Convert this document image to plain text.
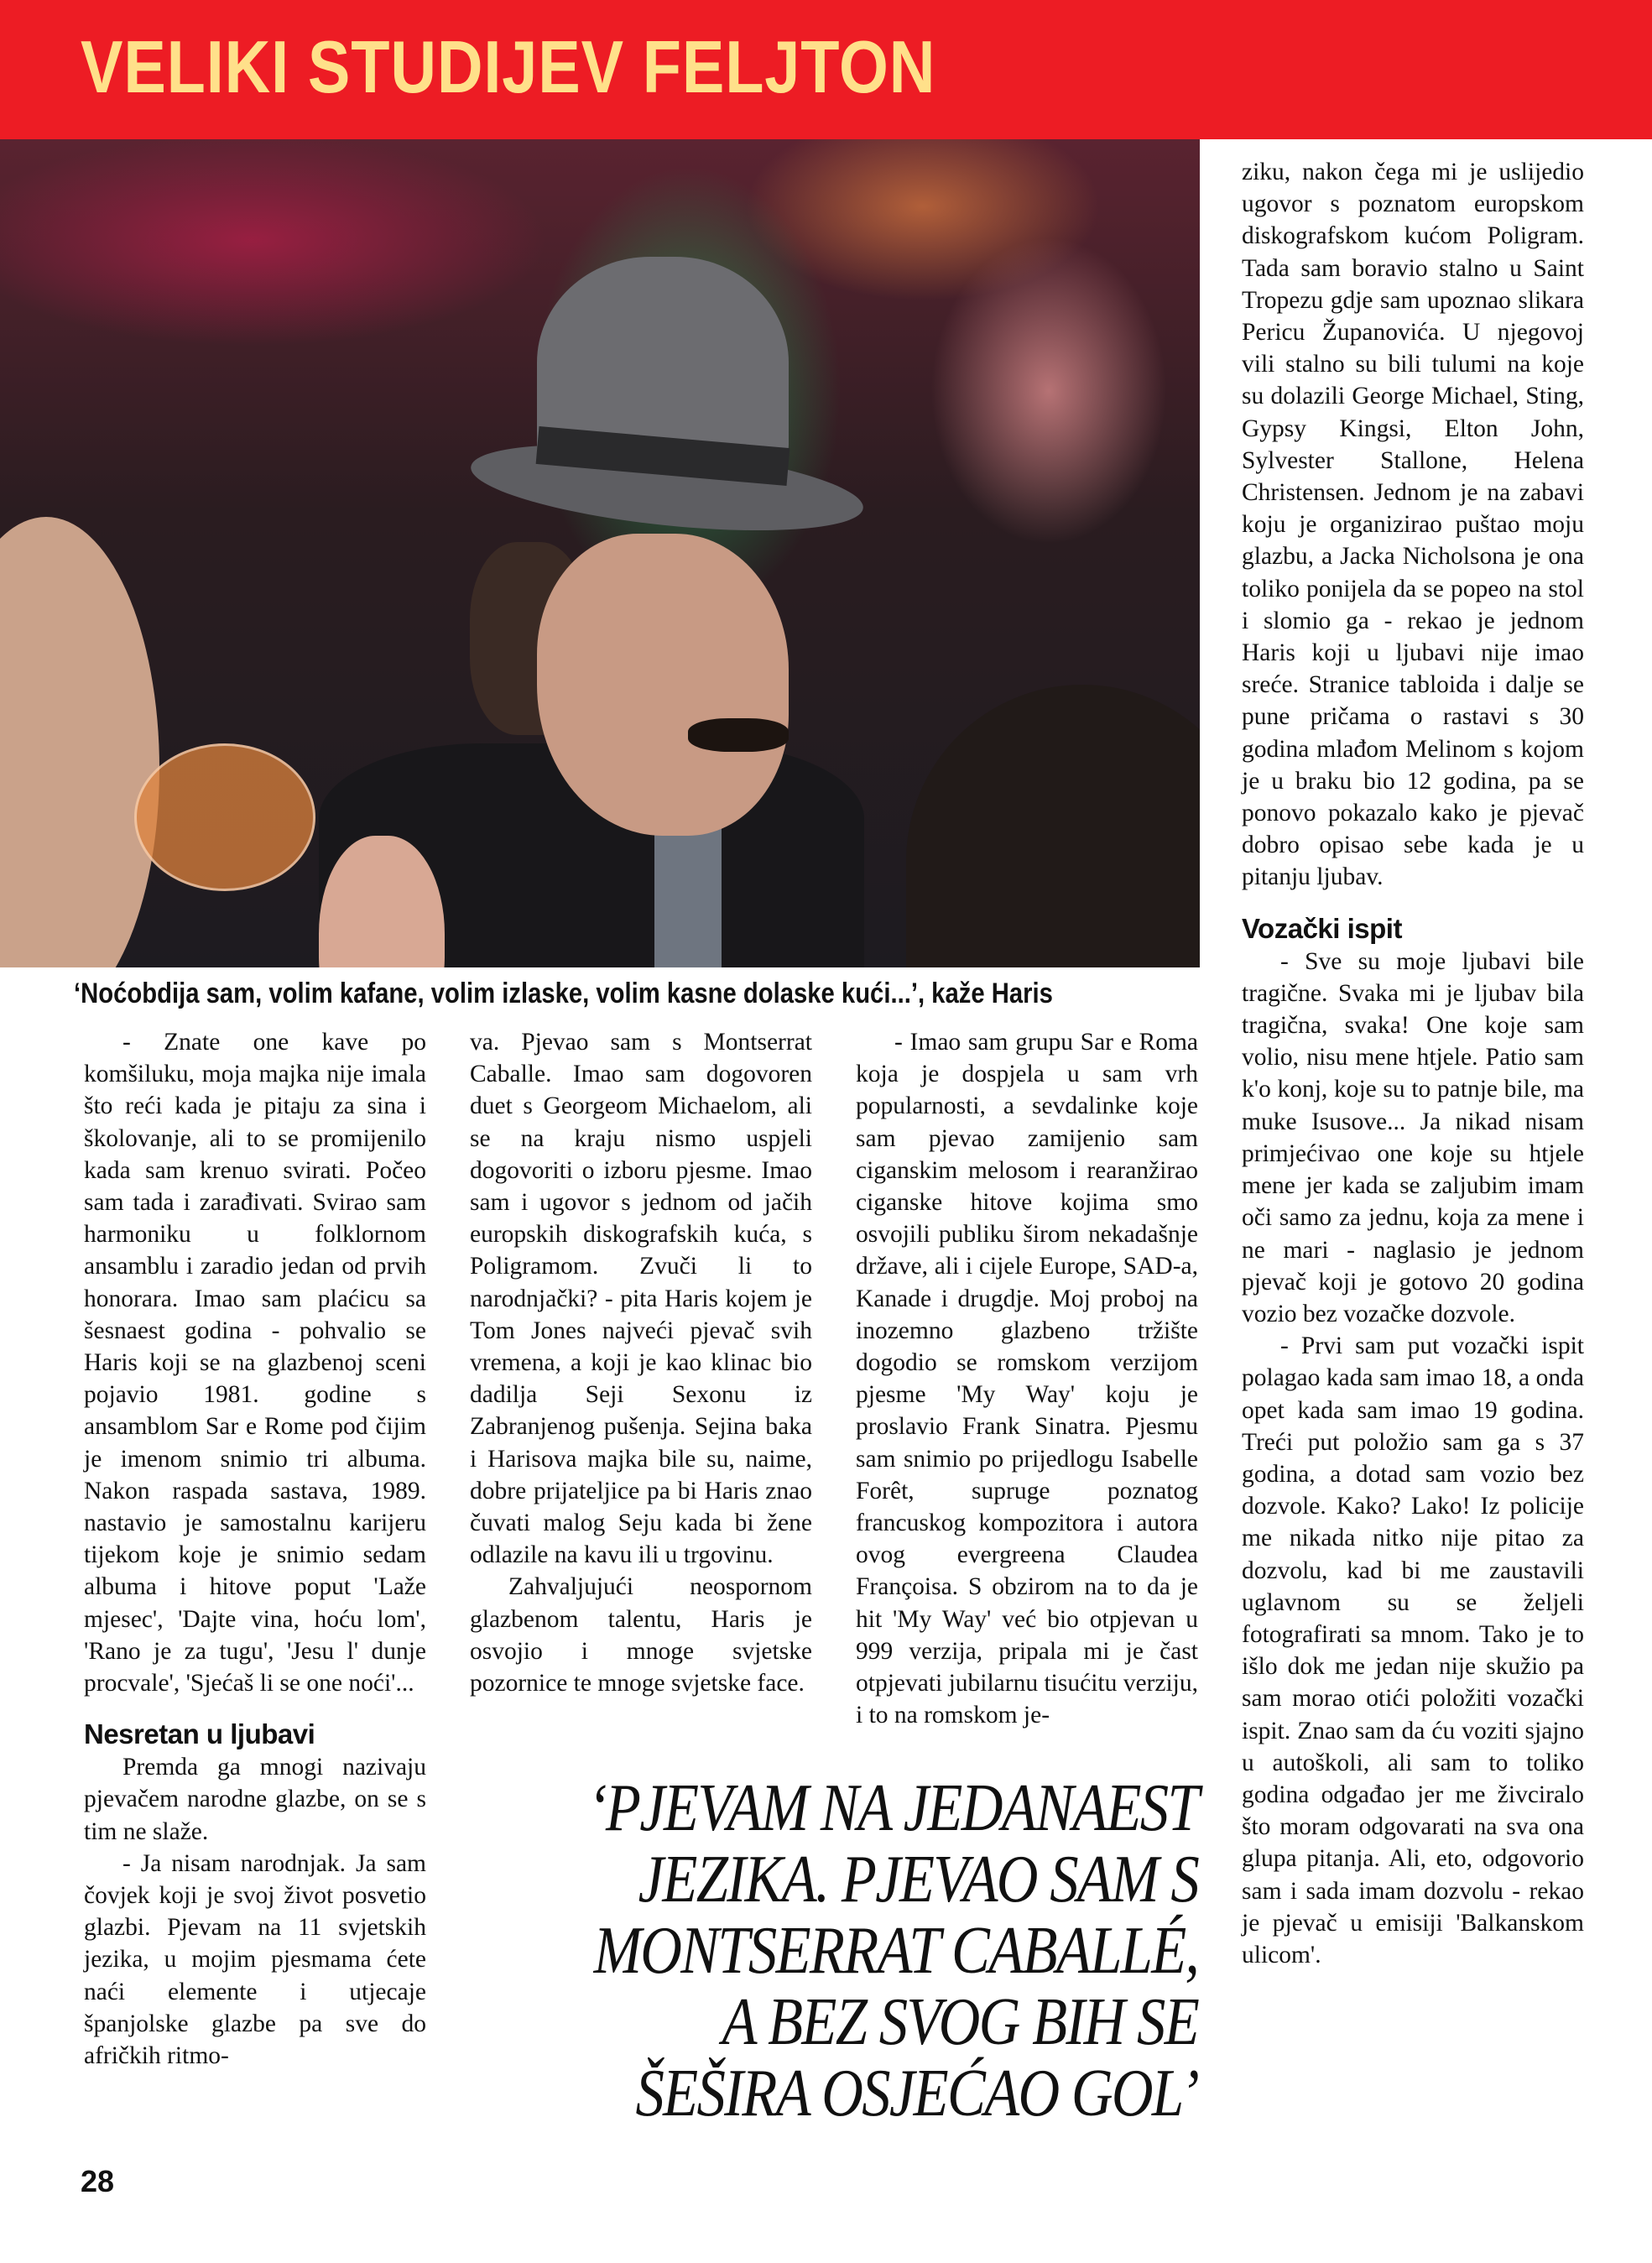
VELIKI STUDIJEV FELJTON
‘Noćobdija sam, volim kafane, volim izlaske, volim kasne dolaske kući...’, kaže Haris

- Znate one kave po komšiluku, moja majka nije imala što reći kada je pitaju za sina i školovanje, ali to se promijenilo kada sam krenuo svirati. Počeo sam tada i zarađivati. Svirao sam harmoniku u folklornom ansamblu i zaradio jedan od prvih honorara. Imao sam plaćicu sa šesnaest godina - pohvalio se Haris koji se na glazbenoj sceni pojavio 1981. godine s ansamblom Sar e Rome pod čijim je imenom snimio tri albuma. Nakon raspada sastava, 1989. nastavio je samostalnu karijeru tijekom koje je snimio sedam albuma i hitove poput 'Laže mjesec', 'Dajte vina, hoću lom', 'Rano je za tugu', 'Jesu l' dunje procvale', 'Sjećaš li se one noći'...

Nesretan u ljubavi

Premda ga mnogi nazivaju pjevačem narodne glazbe, on se s tim ne slaže.

- Ja nisam narodnjak. Ja sam čovjek koji je svoj život posvetio glazbi. Pjevam na 11 svjetskih jezika, u mojim pjesmama ćete naći elemente i utjecaje španjolske glazbe pa sve do afričkih ritmo-

va. Pjevao sam s Montserrat Caballe. Imao sam dogovoren duet s Georgeom Michaelom, ali se na kraju nismo uspjeli dogovoriti o izboru pjesme. Imao sam i ugovor s jednom od jačih europskih diskografskih kuća, s Poligramom. Zvuči li to narodnjački? - pita Haris kojem je Tom Jones najveći pjevač svih vremena, a koji je kao klinac bio dadilja Seji Sexonu iz Zabranjenog pušenja. Sejina baka i Harisova majka bile su, naime, dobre prijateljice pa bi Haris znao čuvati malog Seju kada bi žene odlazile na kavu ili u trgovinu.

Zahvaljujući neospornom glazbenom talentu, Haris je osvojio i mnoge svjetske pozornice te mnoge svjetske face.

- Imao sam grupu Sar e Roma koja je dospjela u sam vrh popularnosti, a sevdalinke koje sam pjevao zamijenio sam ciganskim melosom i rearanžirao ciganske hitove kojima smo osvojili publiku širom nekadašnje države, ali i cijele Europe, SAD-a, Kanade i drugdje. Moj proboj na inozemno glazbeno tržište dogodio se romskom verzijom pjesme 'My Way' koju je proslavio Frank Sinatra. Pjesmu sam snimio po prijedlogu Isabelle Forêt, supruge poznatog francuskog kompozitora i autora ovog evergreena Claudea Françoisa. S obzirom na to da je hit 'My Way' već bio otpjevan u 999 verzija, pripala mi je čast otpjevati jubilarnu tisućitu verziju, i to na romskom je-

‘PJEVAM NA JEDANAEST
JEZIKA. PJEVAO SAM S
MONTSERRAT CABALLÉ,
A BEZ SVOG BIH SE
ŠEŠIRA OSJEĆAO GOL’
28

ziku, nakon čega mi je uslijedio ugovor s poznatom europskom diskografskom kućom Poligram. Tada sam boravio stalno u Saint Tropezu gdje sam upoznao slikara Pericu Županovića. U njegovoj vili stalno su bili tulumi na koje su dolazili George Michael, Sting, Gypsy Kingsi, Elton John, Sylvester Stallone, Helena Christensen. Jednom je na zabavi koju je organizirao puštao moju glazbu, a Jacka Nicholsona je ona toliko ponijela da se popeo na stol i slomio ga - rekao je jednom Haris koji u ljubavi nije imao sreće. Stranice tabloida i dalje se pune pričama o rastavi s 30 godina mlađom Melinom s kojom je u braku bio 12 godina, pa se ponovo pokazalo kako je pjevač dobro opisao sebe kada je u pitanju ljubav.

Vozački ispit

- Sve su moje ljubavi bile tragične. Svaka mi je ljubav bila tragična, svaka! One koje sam volio, nisu mene htjele. Patio sam k'o konj, koje su to patnje bile, ma muke Isusove... Ja nikad nisam primjećivao one koje su htjele mene jer kada se zaljubim imam oči samo za jednu, koja za mene i ne mari - naglasio je jednom pjevač koji je gotovo 20 godina vozio bez vozačke dozvole.

- Prvi sam put vozački ispit polagao kada sam imao 18, a onda opet kada sam imao 19 godina. Treći put položio sam ga s 37 godina, a dotad sam vozio bez dozvole. Kako? Lako! Iz policije me nikada nitko nije pitao za dozvolu, kad bi me zaustavili uglavnom su se željeli fotografirati sa mnom. Tako je to išlo dok me jedan nije skužio pa sam morao otići položiti vozački ispit. Znao sam da ću voziti sjajno u autoškoli, ali sam to toliko godina odgađao jer me živciralo što moram odgovarati na sva ona glupa pitanja. Ali, eto, odgovorio sam i sada imam dozvolu - rekao je pjevač u emisiji 'Balkanskom ulicom'.
